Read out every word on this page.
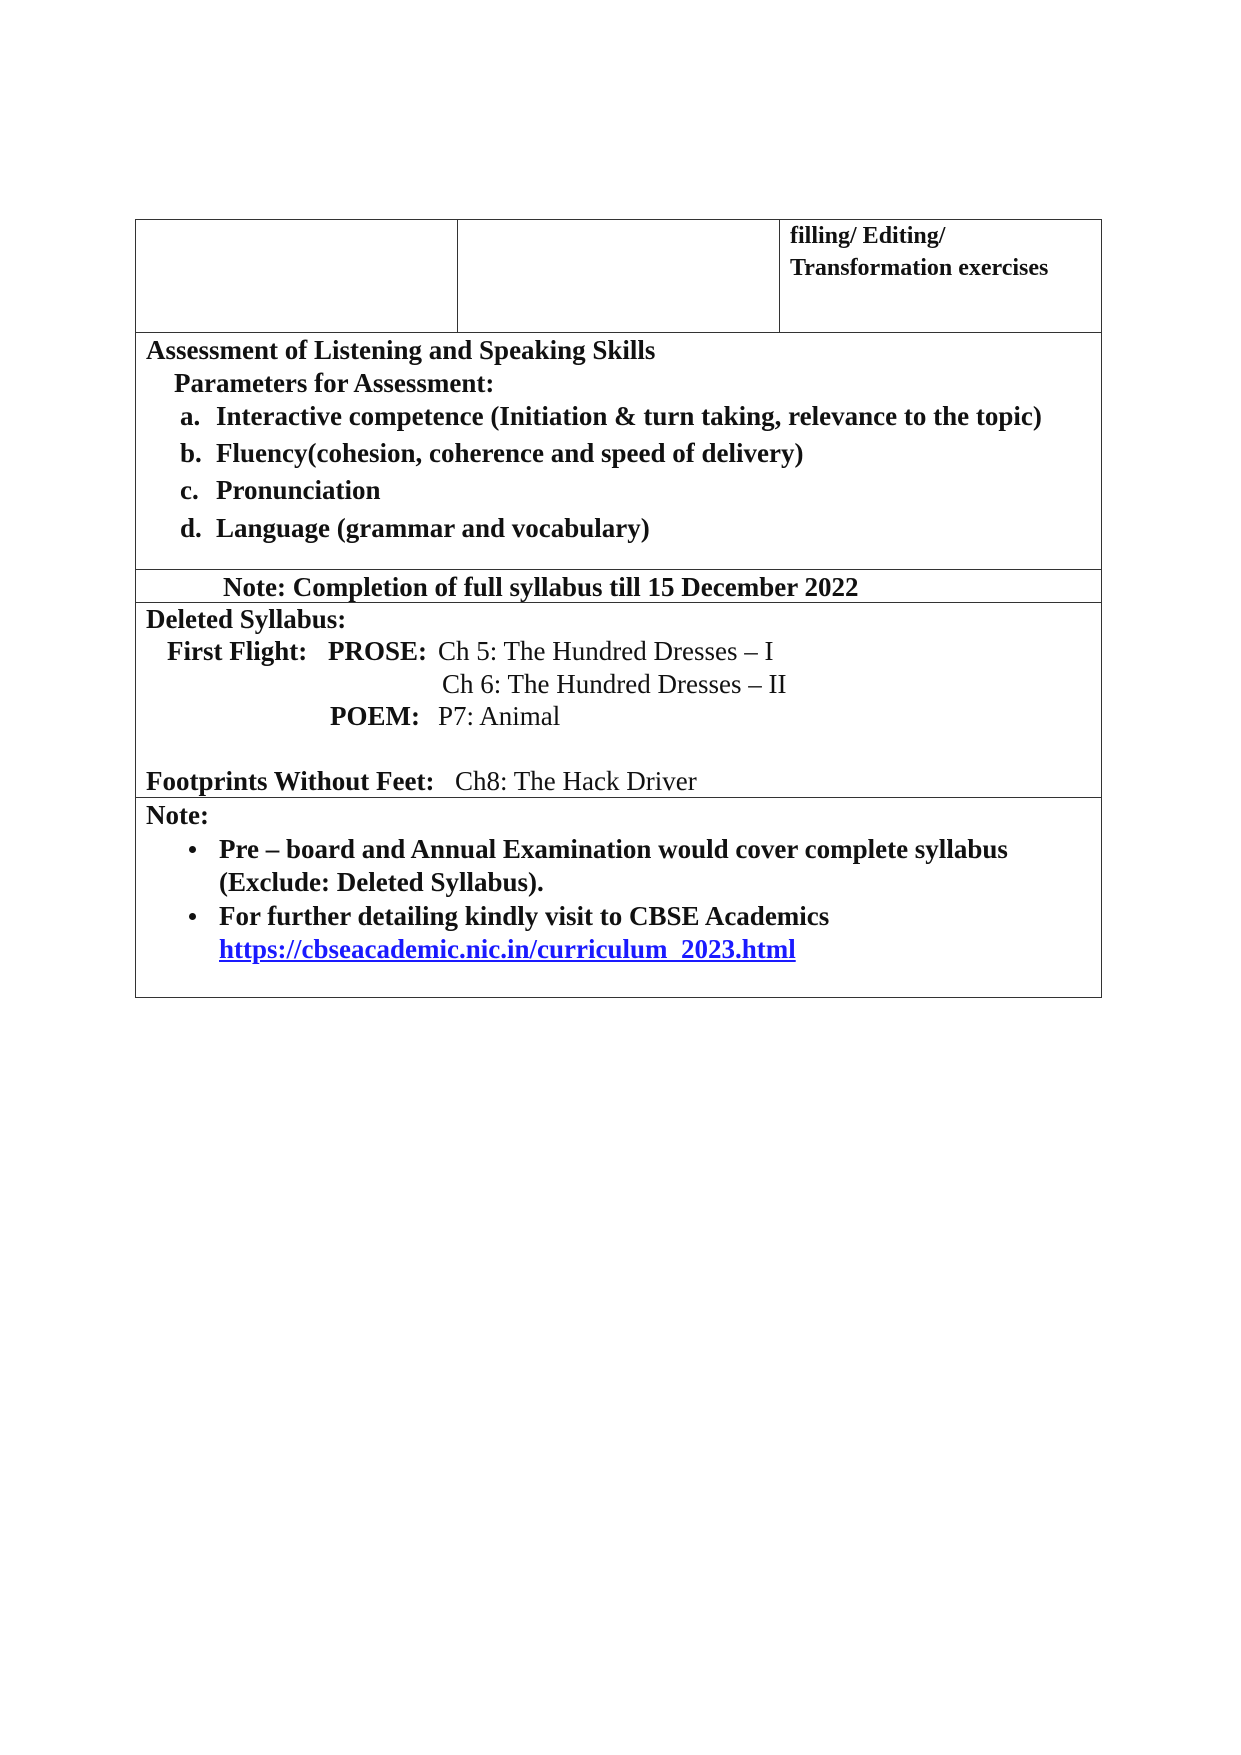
filling/ Editing/
Transformation exercises
Assessment of Listening and Speaking Skills
Parameters for Assessment:
a. Interactive competence (Initiation & turn taking, relevance to the topic)
b. Fluency(cohesion, coherence and speed of delivery)
c. Pronunciation
d. Language (grammar and vocabulary)
Note: Completion of full syllabus till 15 December 2022
Deleted Syllabus:
First Flight: PROSE: Ch 5: The Hundred Dresses – I
Ch 6: The Hundred Dresses – II
POEM: P7: Animal
Footprints Without Feet: Ch8: The Hack Driver
Note:
Pre – board and Annual Examination would cover complete syllabus
(Exclude: Deleted Syllabus).
For further detailing kindly visit to CBSE Academics
https://cbseacademic.nic.in/curriculum_2023.html
